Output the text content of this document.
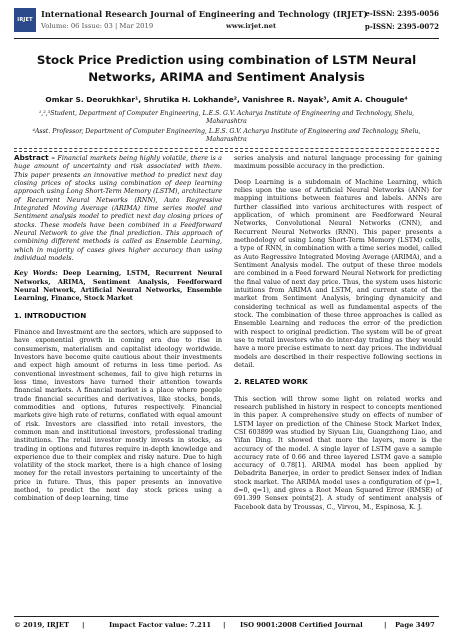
IRJET
International Research Journal of Engineering and Technology (IRJET)
Volume: 06 Issue: 03 | Mar 2019	www.irjet.net
e-ISSN: 2395-0056
p-ISSN: 2395-0072
Stock Price Prediction using combination of LSTM Neural Networks, ARIMA and Sentiment Analysis
Omkar S. Deorukhkar¹, Shrutika H. Lokhande², Vanishree R. Nayak³, Amit A. Chougule⁴
¹,²,³Student, Department of Computer Engineering, L.E.S. G.V. Acharya Institute of Engineering and Technology, Shelu, Maharashtra
⁴Asst. Professor, Department of Computer Engineering, L.E.S. G.V. Acharya Institute of Engineering and Technology, Shelu, Maharashtra

Abstract – Financial markets being highly volatile, there is a huge amount of uncertainty and risk associated with them. This paper presents an innovative method to predict next day closing prices of stocks using combination of deep learning approach using Long Short-Term Memory (LSTM), architecture of Recurrent Neural Networks (RNN), Auto Regressive Integrated Moving Average (ARIMA) time series model and Sentiment analysis model to predict next day closing prices of stocks. These models have been combined in a Feedforward Neural Network to give the final prediction. This approach of combining different methods is called as Ensemble Learning, which in majority of cases gives higher accuracy than using individual models.

Key Words: Deep Learning, LSTM, Recurrent Neural Networks, ARIMA, Sentiment Analysis, Feedforward Neural Network, Artificial Neural Networks, Ensemble Learning, Finance, Stock Market

1. INTRODUCTION

Finance and Investment are the sectors, which are supposed to have exponential growth in coming era due to rise in consumerism, materialism and capitalist ideology worldwide. Investors have become quite cautious about their investments and expect high amount of returns in less time period. As conventional investment schemes, fail to give high returns in less time, investors have turned their attention towards financial markets. A financial market is a place where people trade financial securities and derivatives, like stocks, bonds, commodities and options, futures respectively. Financial markets give high rate of returns, conflated with equal amount of risk. Investors are classified into retail investors, the common man and institutional investors, professional trading institutions. The retail investor mostly invests in stocks, as trading in options and futures require in-depth knowledge and experience due to their complex and risky nature. Due to high volatility of the stock market, there is a high chance of losing money for the retail investors pertaining to uncertainty of the price in future. Thus, this paper presents an innovative method, to predict the next day stock prices using a combination of deep learning, time

series analysis and natural language processing for gaining maximum possible accuracy in the prediction.

Deep Learning is a subdomain of Machine Learning, which relies upon the use of Artificial Neural Networks (ANN) for mapping intuitions between features and labels. ANNs are further classified into various architectures with respect of application, of which prominent are Feedforward Neural Networks, Convolutional Neural Networks (CNN), and Recurrent Neural Networks (RNN). This paper presents a methodology of using Long Short-Term Memory (LSTM) cells, a type of RNN, in combination with a time series model, called as Auto Regressive Integrated Moving Average (ARIMA), and a Sentiment Analysis model. The output of these three models are combined in a Feed forward Neural Network for predicting the final value of next day price. Thus, the system uses historic intuitions from ARIMA and LSTM, and current state of the market from Sentiment Analysis, bringing dynamicity and considering technical as well as fundamental aspects of the stock. The combination of these three approaches is called as Ensemble Learning and reduces the error of the prediction with respect to original prediction. The system will be of great use to retail investors who do inter-day trading as they would have a more precise estimate to next day prices. The individual models are described in their respective following sections in detail.

2. RELATED WORK

This section will throw some light on related works and research published in history in respect to concepts mentioned in this paper. A comprehensive study on effects of number of LSTM layer on prediction of the Chinese Stock Market Index, CSI 603899 was studied by Siyuan Liu, Guangzhong Liao, and Yifan Ding. It showed that more the layers, more is the accuracy of the model. A single layer of LSTM gave a sample accuracy rate of 0.66 and three layered LSTM gave a sample accuracy of 0.78[1]. ARIMA model has been applied by Debadrita Banerjee, in order to predict Sensex index of Indian stock market. The ARIMA model uses a configuration of (p=1, d=0, q=1), and gives a Root Mean Squared Error (RMSE) of 691.399 Sensex points[2]. A study of sentiment analysis of Facebook data by Troussas, C., Virvou, M., Espinosa, K. J.

© 2019, IRJET |	Impact Factor value: 7.211 | ISO 9001:2008 Certified Journal	| Page 3497
